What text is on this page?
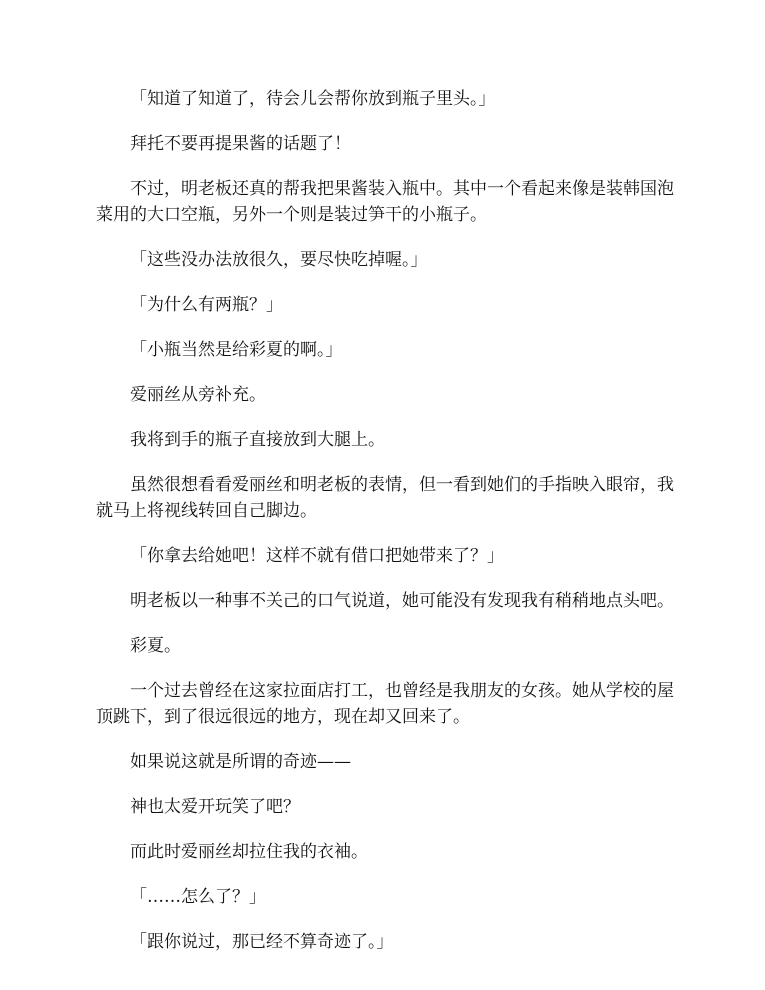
「知道了知道了，待会儿会帮你放到瓶子里头。」

拜托不要再提果酱的话题了！

不过，明老板还真的帮我把果酱装入瓶中。其中一个看起来像是装韩国泡菜用的大口空瓶，另外一个则是装过笋干的小瓶子。

「这些没办法放很久，要尽快吃掉喔。」

「为什么有两瓶？」

「小瓶当然是给彩夏的啊。」

爱丽丝从旁补充。

我将到手的瓶子直接放到大腿上。

虽然很想看看爱丽丝和明老板的表情，但一看到她们的手指映入眼帘，我就马上将视线转回自己脚边。

「你拿去给她吧！这样不就有借口把她带来了？」

明老板以一种事不关己的口气说道，她可能没有发现我有稍稍地点头吧。

彩夏。

一个过去曾经在这家拉面店打工，也曾经是我朋友的女孩。她从学校的屋顶跳下，到了很远很远的地方，现在却又回来了。

如果说这就是所谓的奇迹——

神也太爱开玩笑了吧？

而此时爱丽丝却拉住我的衣袖。

「……怎么了？」

「跟你说过，那已经不算奇迹了。」
